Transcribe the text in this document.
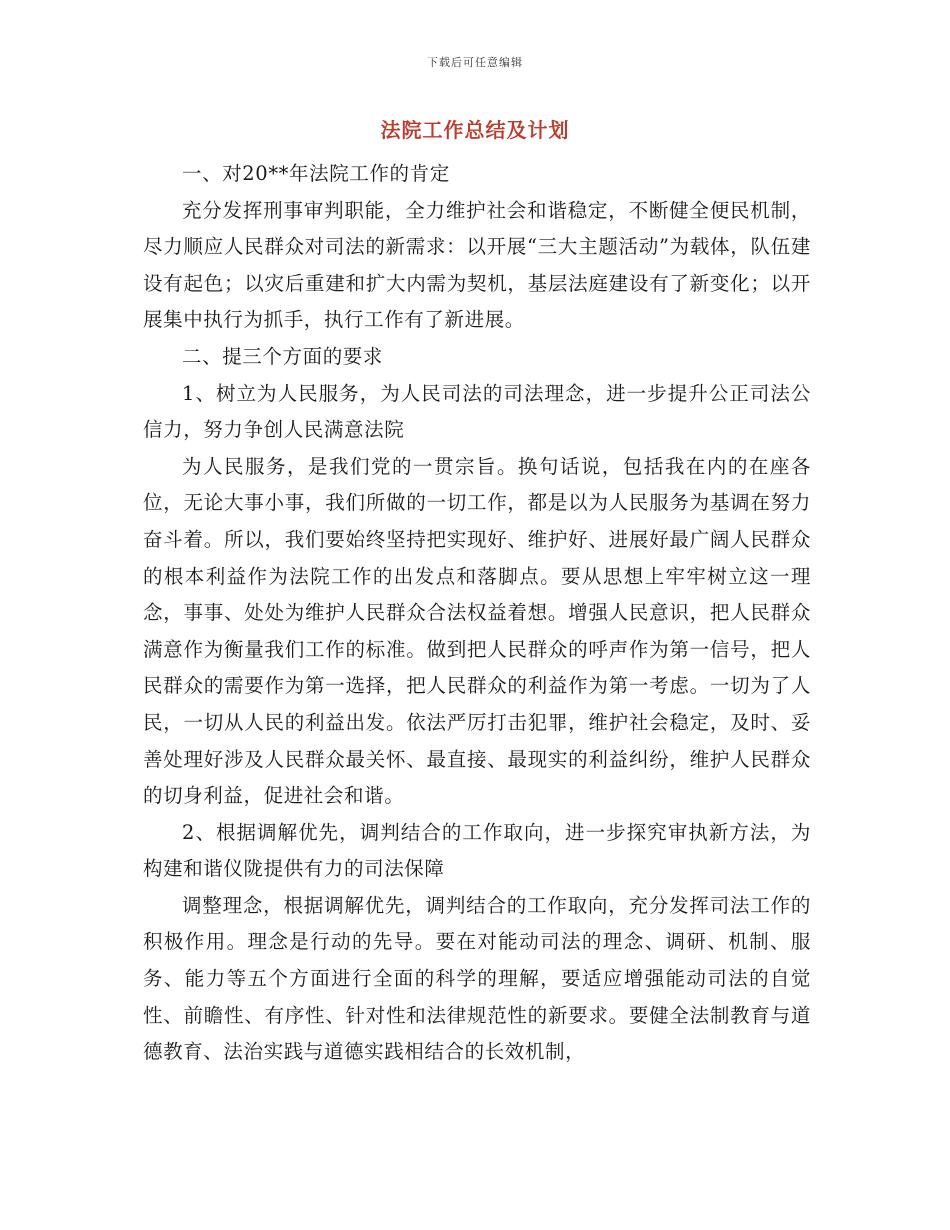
下载后可任意编辑
法院工作总结及计划

一、对20**年法院工作的肯定

充分发挥刑事审判职能，全力维护社会和谐稳定，不断健全便民机制，尽力顺应人民群众对司法的新需求：以开展“三大主题活动”为载体，队伍建设有起色；以灾后重建和扩大内需为契机，基层法庭建设有了新变化；以开展集中执行为抓手，执行工作有了新进展。

二、提三个方面的要求

1、树立为人民服务，为人民司法的司法理念，进一步提升公正司法公信力，努力争创人民满意法院

为人民服务，是我们党的一贯宗旨。换句话说，包括我在内的在座各位，无论大事小事，我们所做的一切工作，都是以为人民服务为基调在努力奋斗着。所以，我们要始终坚持把实现好、维护好、进展好最广阔人民群众的根本利益作为法院工作的出发点和落脚点。要从思想上牢牢树立这一理念，事事、处处为维护人民群众合法权益着想。增强人民意识，把人民群众满意作为衡量我们工作的标准。做到把人民群众的呼声作为第一信号，把人民群众的需要作为第一选择，把人民群众的利益作为第一考虑。一切为了人民，一切从人民的利益出发。依法严厉打击犯罪，维护社会稳定，及时、妥善处理好涉及人民群众最关怀、最直接、最现实的利益纠纷，维护人民群众的切身利益，促进社会和谐。

2、根据调解优先，调判结合的工作取向，进一步探究审执新方法，为构建和谐仪陇提供有力的司法保障

调整理念，根据调解优先，调判结合的工作取向，充分发挥司法工作的积极作用。理念是行动的先导。要在对能动司法的理念、调研、机制、服务、能力等五个方面进行全面的科学的理解，要适应增强能动司法的自觉性、前瞻性、有序性、针对性和法律规范性的新要求。要健全法制教育与道德教育、法治实践与道德实践相结合的长效机制，
